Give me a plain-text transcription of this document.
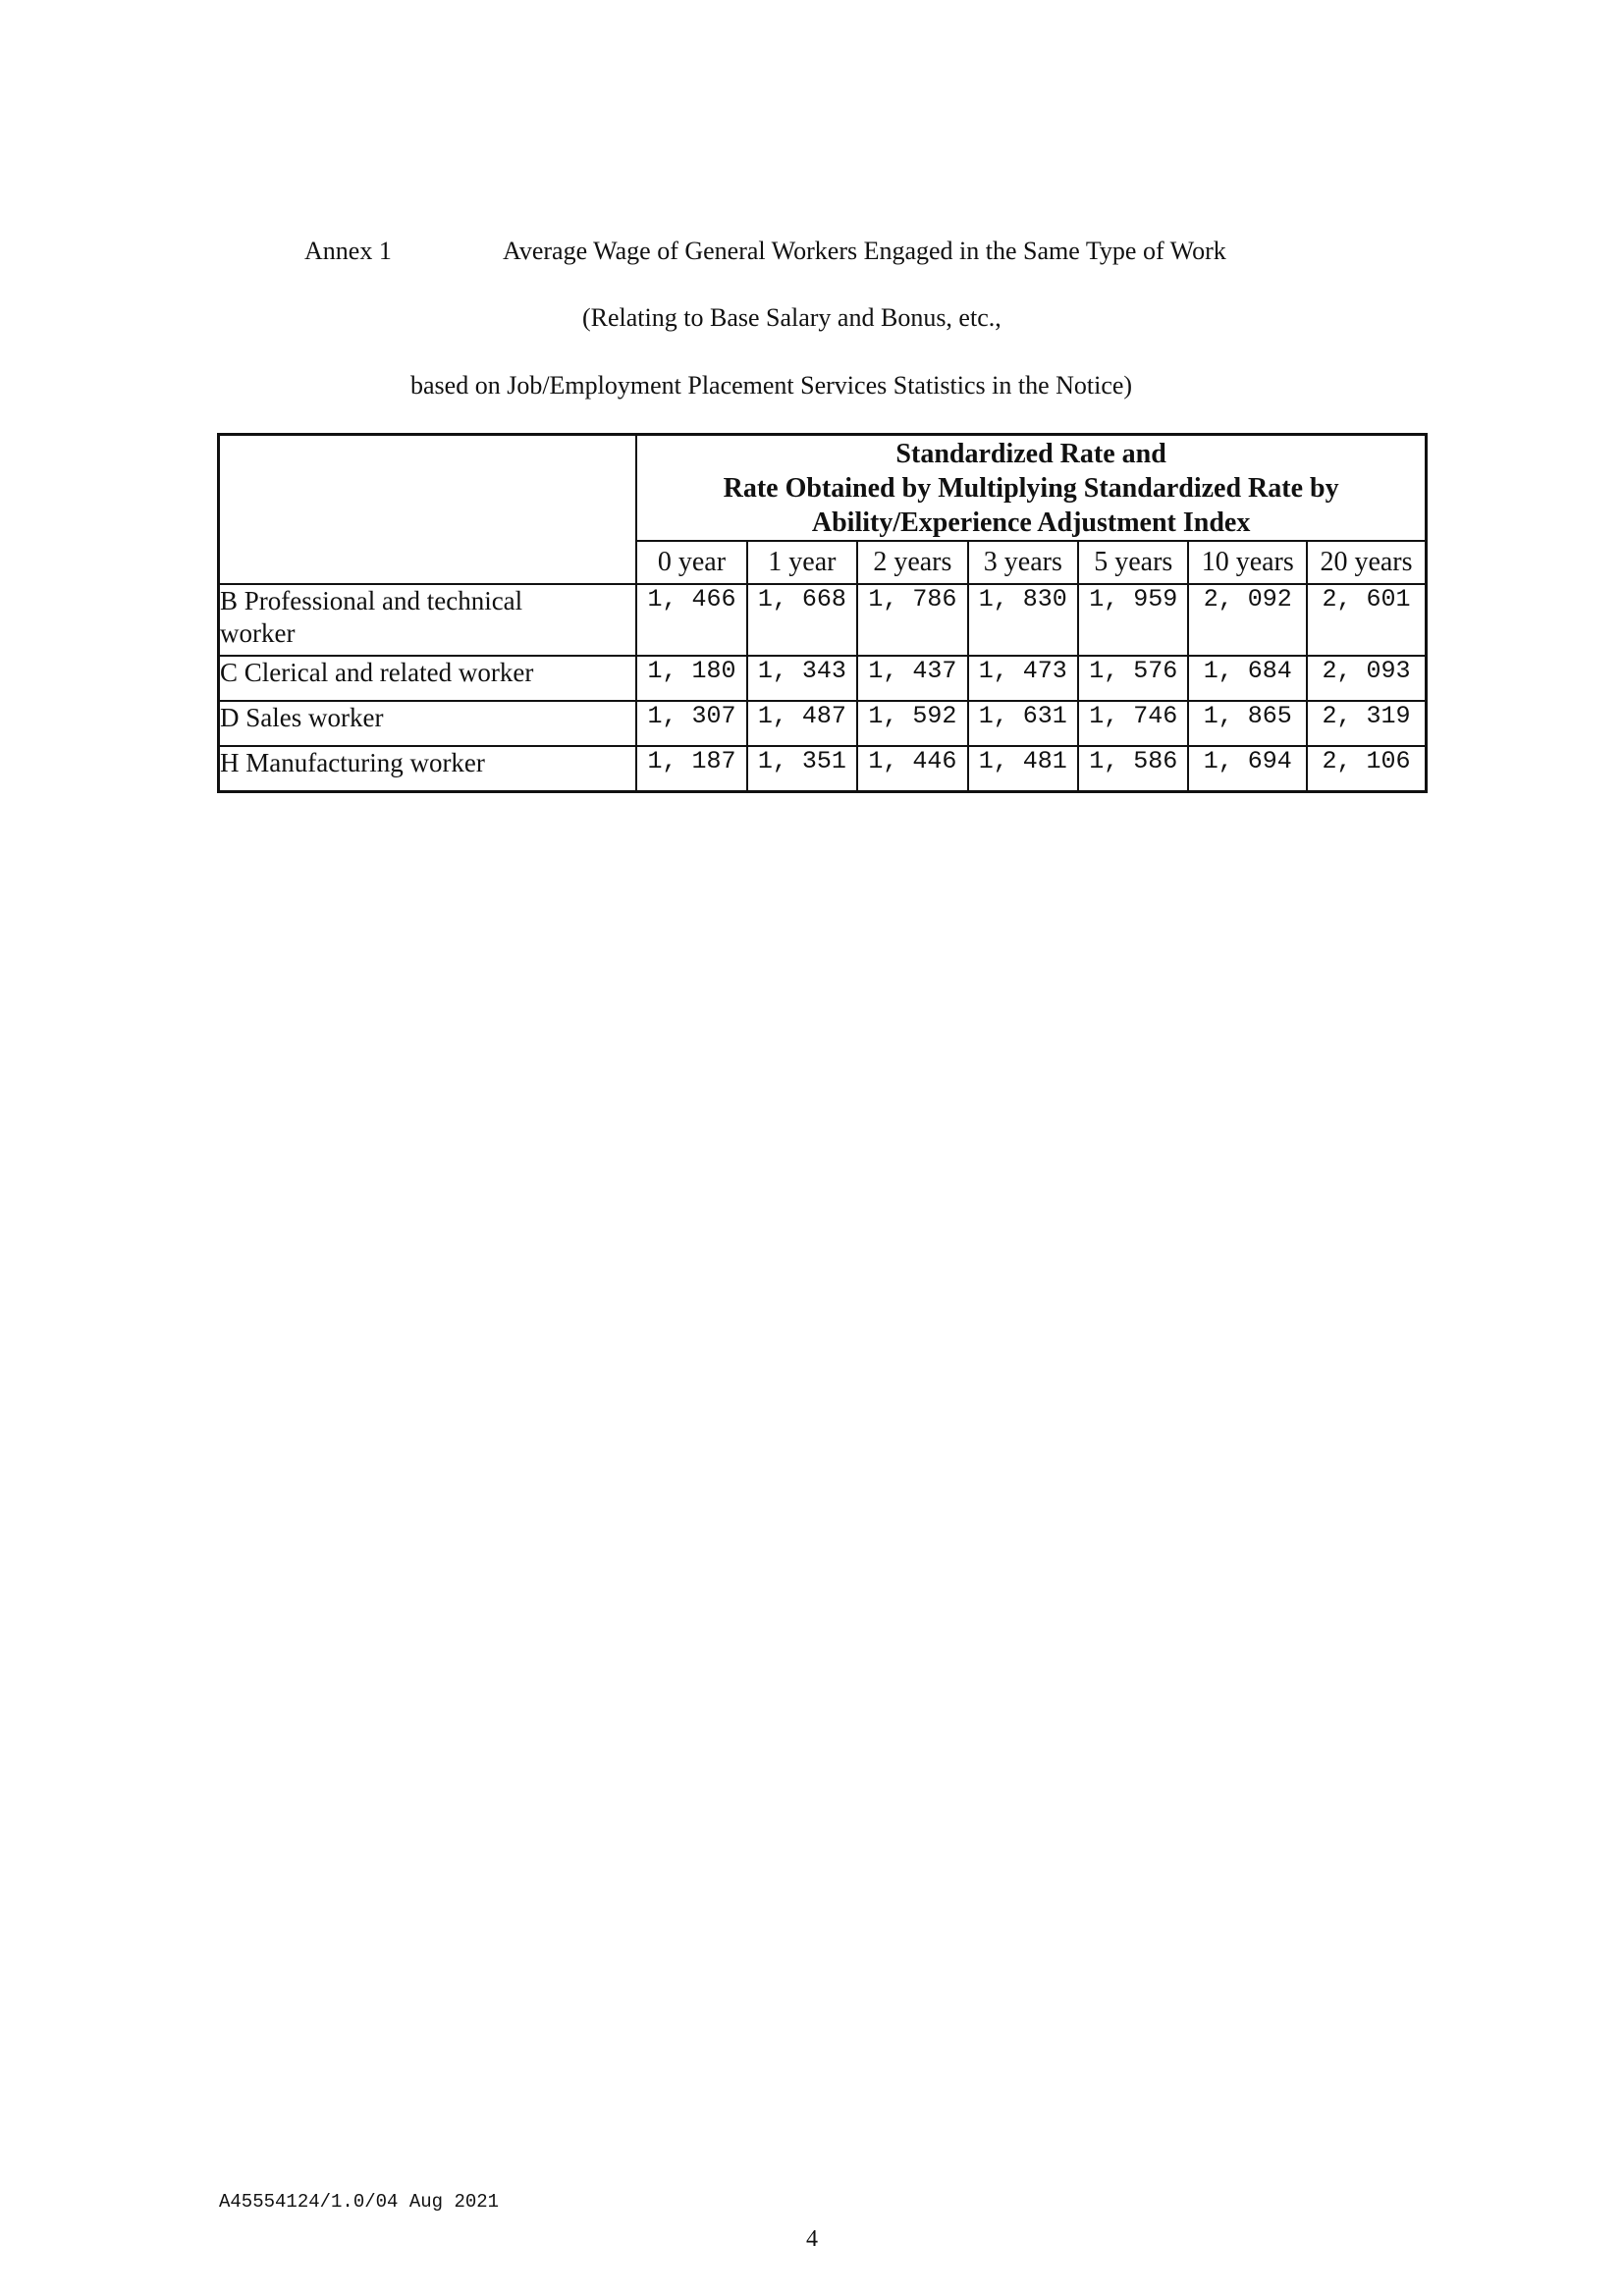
Annex 1	Average Wage of General Workers Engaged in the Same Type of Work
(Relating to Base Salary and Bonus, etc.,
based on Job/Employment Placement Services Statistics in the Notice)

	Standardized Rate and
Rate Obtained by Multiplying Standardized Rate by
Ability/Experience Adjustment Index						

	0 year	1 year	2 years	3 years	5 years	10 years	20 years
B Professional and technical
worker	1, 466	1, 668	1, 786	1, 830	1, 959	2, 092	2, 601
C Clerical and related worker	1, 180	1, 343	1, 437	1, 473	1, 576	1, 684	2, 093
D Sales worker	1, 307	1, 487	1, 592	1, 631	1, 746	1, 865	2, 319
H Manufacturing worker	1, 187	1, 351	1, 446	1, 481	1, 586	1, 694	2, 106
A45554124/1.0/04 Aug 2021
4
